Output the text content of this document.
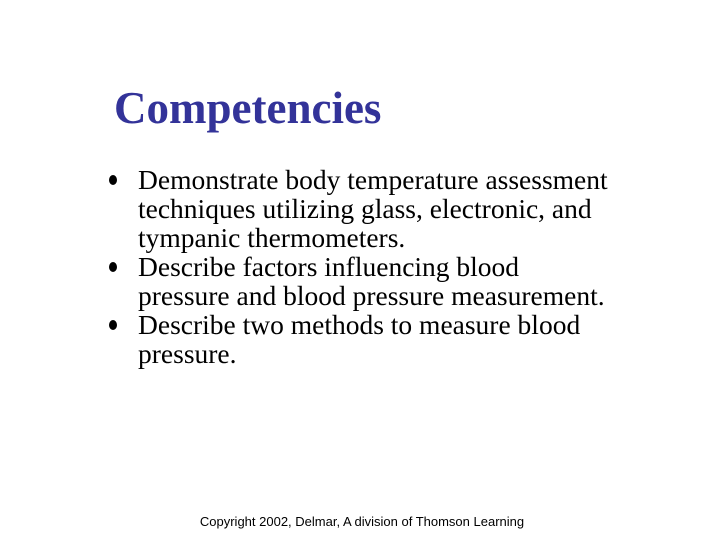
Competencies
Demonstrate body temperature assessment techniques utilizing glass, electronic, and tympanic thermometers.
Describe factors influencing blood pressure and blood pressure measurement.
Describe two methods to measure blood pressure.
Copyright 2002, Delmar, A division of Thomson Learning
